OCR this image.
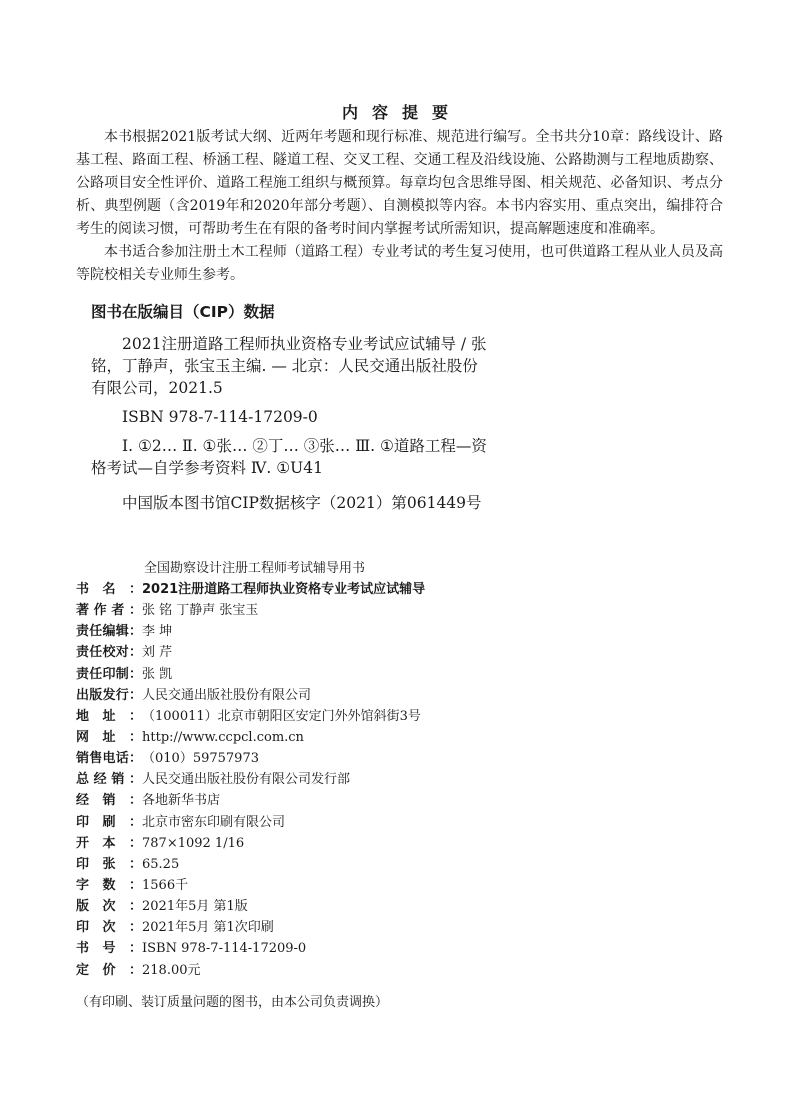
内容提要

本书根据2021版考试大纲、近两年考题和现行标准、规范进行编写。全书共分10章：路线设计、路基工程、路面工程、桥涵工程、隧道工程、交叉工程、交通工程及沿线设施、公路勘测与工程地质勘察、公路项目安全性评价、道路工程施工组织与概预算。每章均包含思维导图、相关规范、必备知识、考点分析、典型例题（含2019年和2020年部分考题）、自测模拟等内容。本书内容实用、重点突出，编排符合考生的阅读习惯，可帮助考生在有限的备考时间内掌握考试所需知识，提高解题速度和准确率。

本书适合参加注册土木工程师（道路工程）专业考试的考生复习使用，也可供道路工程从业人员及高等院校相关专业师生参考。

图书在版编目（CIP）数据

2021注册道路工程师执业资格专业考试应试辅导 / 张铭，丁静声，张宝玉主编. — 北京：人民交通出版社股份有限公司，2021.5

ISBN 978-7-114-17209-0

Ⅰ. ①2… Ⅱ. ①张… ②丁… ③张… Ⅲ. ①道路工程—资格考试—自学参考资料 Ⅳ. ①U41

中国版本图书馆CIP数据核字（2021）第061449号

全国勘察设计注册工程师考试辅导用书
书 名 ： 2021注册道路工程师执业资格专业考试应试辅导
著 作 者 ： 张 铭 丁静声 张宝玉
责 任 编 辑 ： 李 坤
责 任 校 对 ： 刘 芹
责 任 印 制 ： 张 凯
出 版 发 行 ： 人民交通出版社股份有限公司
地 址 ： （100011）北京市朝阳区安定门外外馆斜街3号
网 址 ： http://www.ccpcl.com.cn
销 售 电 话 ： （010）59757973
总 经 销 ： 人民交通出版社股份有限公司发行部
经 销 ： 各地新华书店
印 刷 ： 北京市密东印刷有限公司
开 本 ： 787×1092 1/16
印 张 ： 65.25
字 数 ： 1566千
版 次 ： 2021年5月 第1版
印 次 ： 2021年5月 第1次印刷
书 号 ： ISBN 978-7-114-17209-0
定 价 ： 218.00元
（有印刷、装订质量问题的图书，由本公司负责调换）
